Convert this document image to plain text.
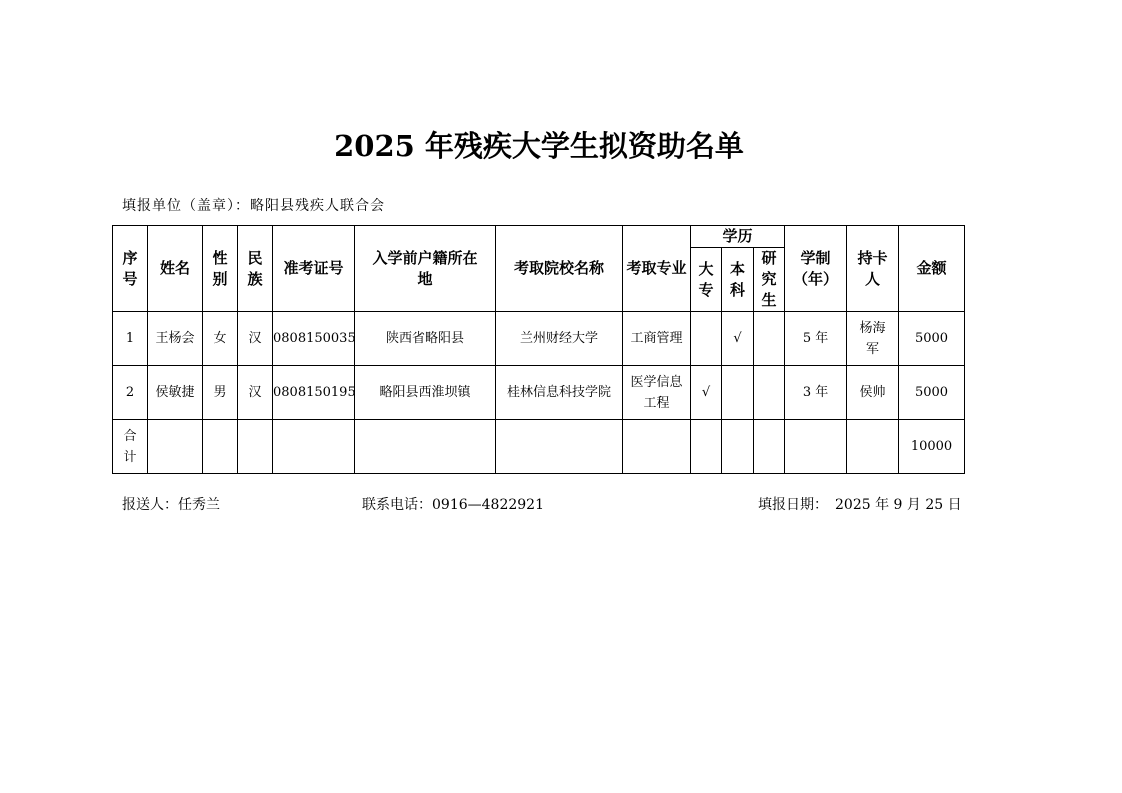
2025 年残疾大学生拟资助名单
填报单位（盖章）：略阳县残疾人联合会
序号	姓名	性别	民族	准考证号	入学前户籍所在地	考取院校名称	考取专业	学历			学制（年）	持卡人	金额

								大专	本科	研究生			

1	王杨会	女	汉	0808150035	陕西省略阳县	兰州财经大学	工商管理		√		5 年	杨海军	5000
2	侯敏捷	男	汉	0808150195	略阳县西淮坝镇	桂林信息科技学院	医学信息工程	√			3 年	侯帅	5000

合计													10000
报送人：任秀兰	联系电话：0916—4822921	填报日期：　2025 年 9 月 25 日
